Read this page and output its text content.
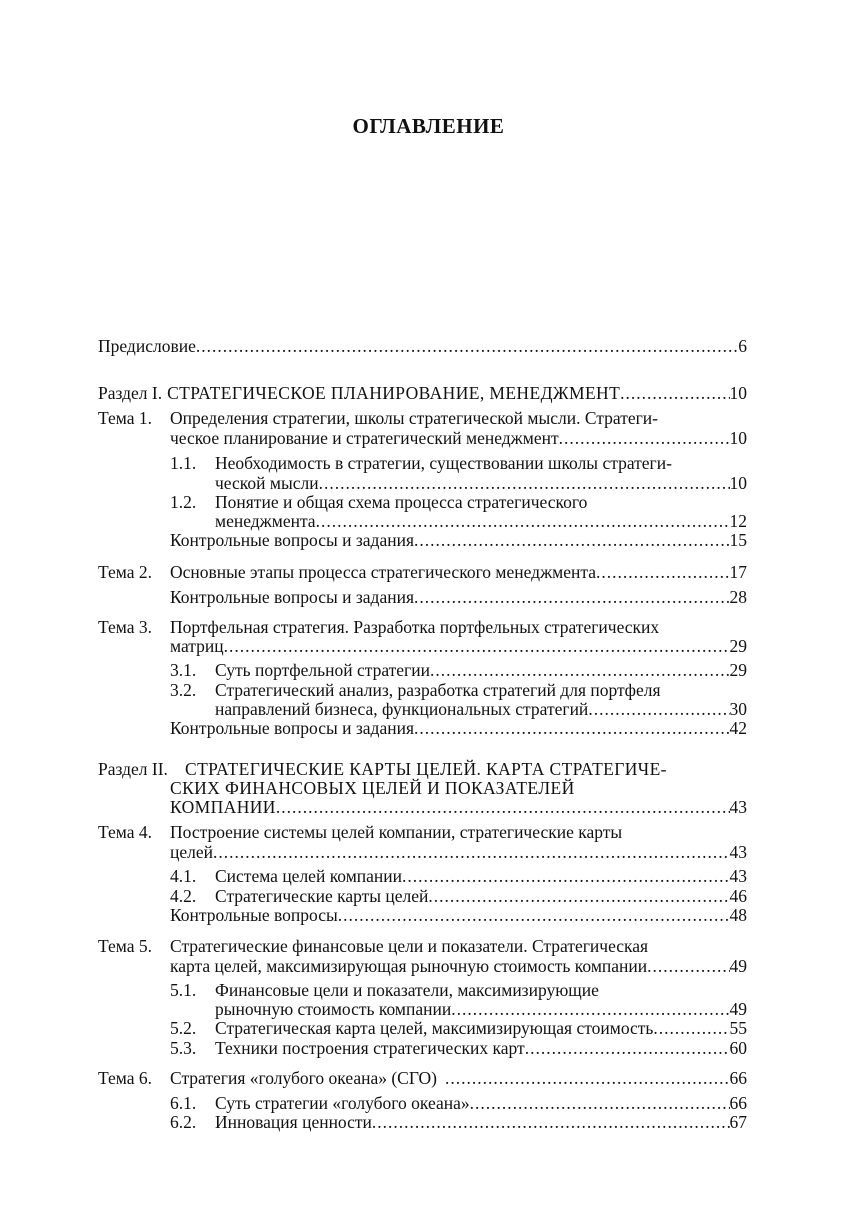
ОГЛАВЛЕНИЕ
Предисловие .....	6
Раздел I. СТРАТЕГИЧЕСКОЕ ПЛАНИРОВАНИЕ, МЕНЕДЖМЕНТ .....	10
Тема 1. Определения стратегии, школы стратегической мысли. Стратеги-
ческое планирование и стратегический менеджмент .....	10
1.1. Необходимость в стратегии, существовании школы стратеги-
ческой мысли .....	10
1.2. Понятие и общая схема процесса стратегического
менеджмента .....	12
Контрольные вопросы и задания .....	15
Тема 2. Основные этапы процесса стратегического менеджмента .....	17
Контрольные вопросы и задания .....	28
Тема 3. Портфельная стратегия. Разработка портфельных стратегических
матриц .....	29
3.1. Суть портфельной стратегии .....	29
3.2. Стратегический анализ, разработка стратегий для портфеля
направлений бизнеса, функциональных стратегий .....	30
Контрольные вопросы и задания .....	42
Раздел II. СТРАТЕГИЧЕСКИЕ КАРТЫ ЦЕЛЕЙ. КАРТА СТРАТЕГИЧЕ-
СКИХ ФИНАНСОВЫХ ЦЕЛЕЙ И ПОКАЗАТЕЛЕЙ
КОМПАНИИ .....	43
Тема 4. Построение системы целей компании, стратегические карты
целей .....	43
4.1. Система целей компании .....	43
4.2. Стратегические карты целей .....	46
Контрольные вопросы .....	48
Тема 5. Стратегические финансовые цели и показатели. Стратегическая
карта целей, максимизирующая рыночную стоимость компании .....	49
5.1. Финансовые цели и показатели, максимизирующие
рыночную стоимость компании .....	49
5.2. Стратегическая карта целей, максимизирующая стоимость .....	55
5.3. Техники построения стратегических карт .....	60
Тема 6. Стратегия «голубого океана» (СГО) .....	66
6.1. Суть стратегии «голубого океана» .....	66
6.2. Инновация ценности .....	67
